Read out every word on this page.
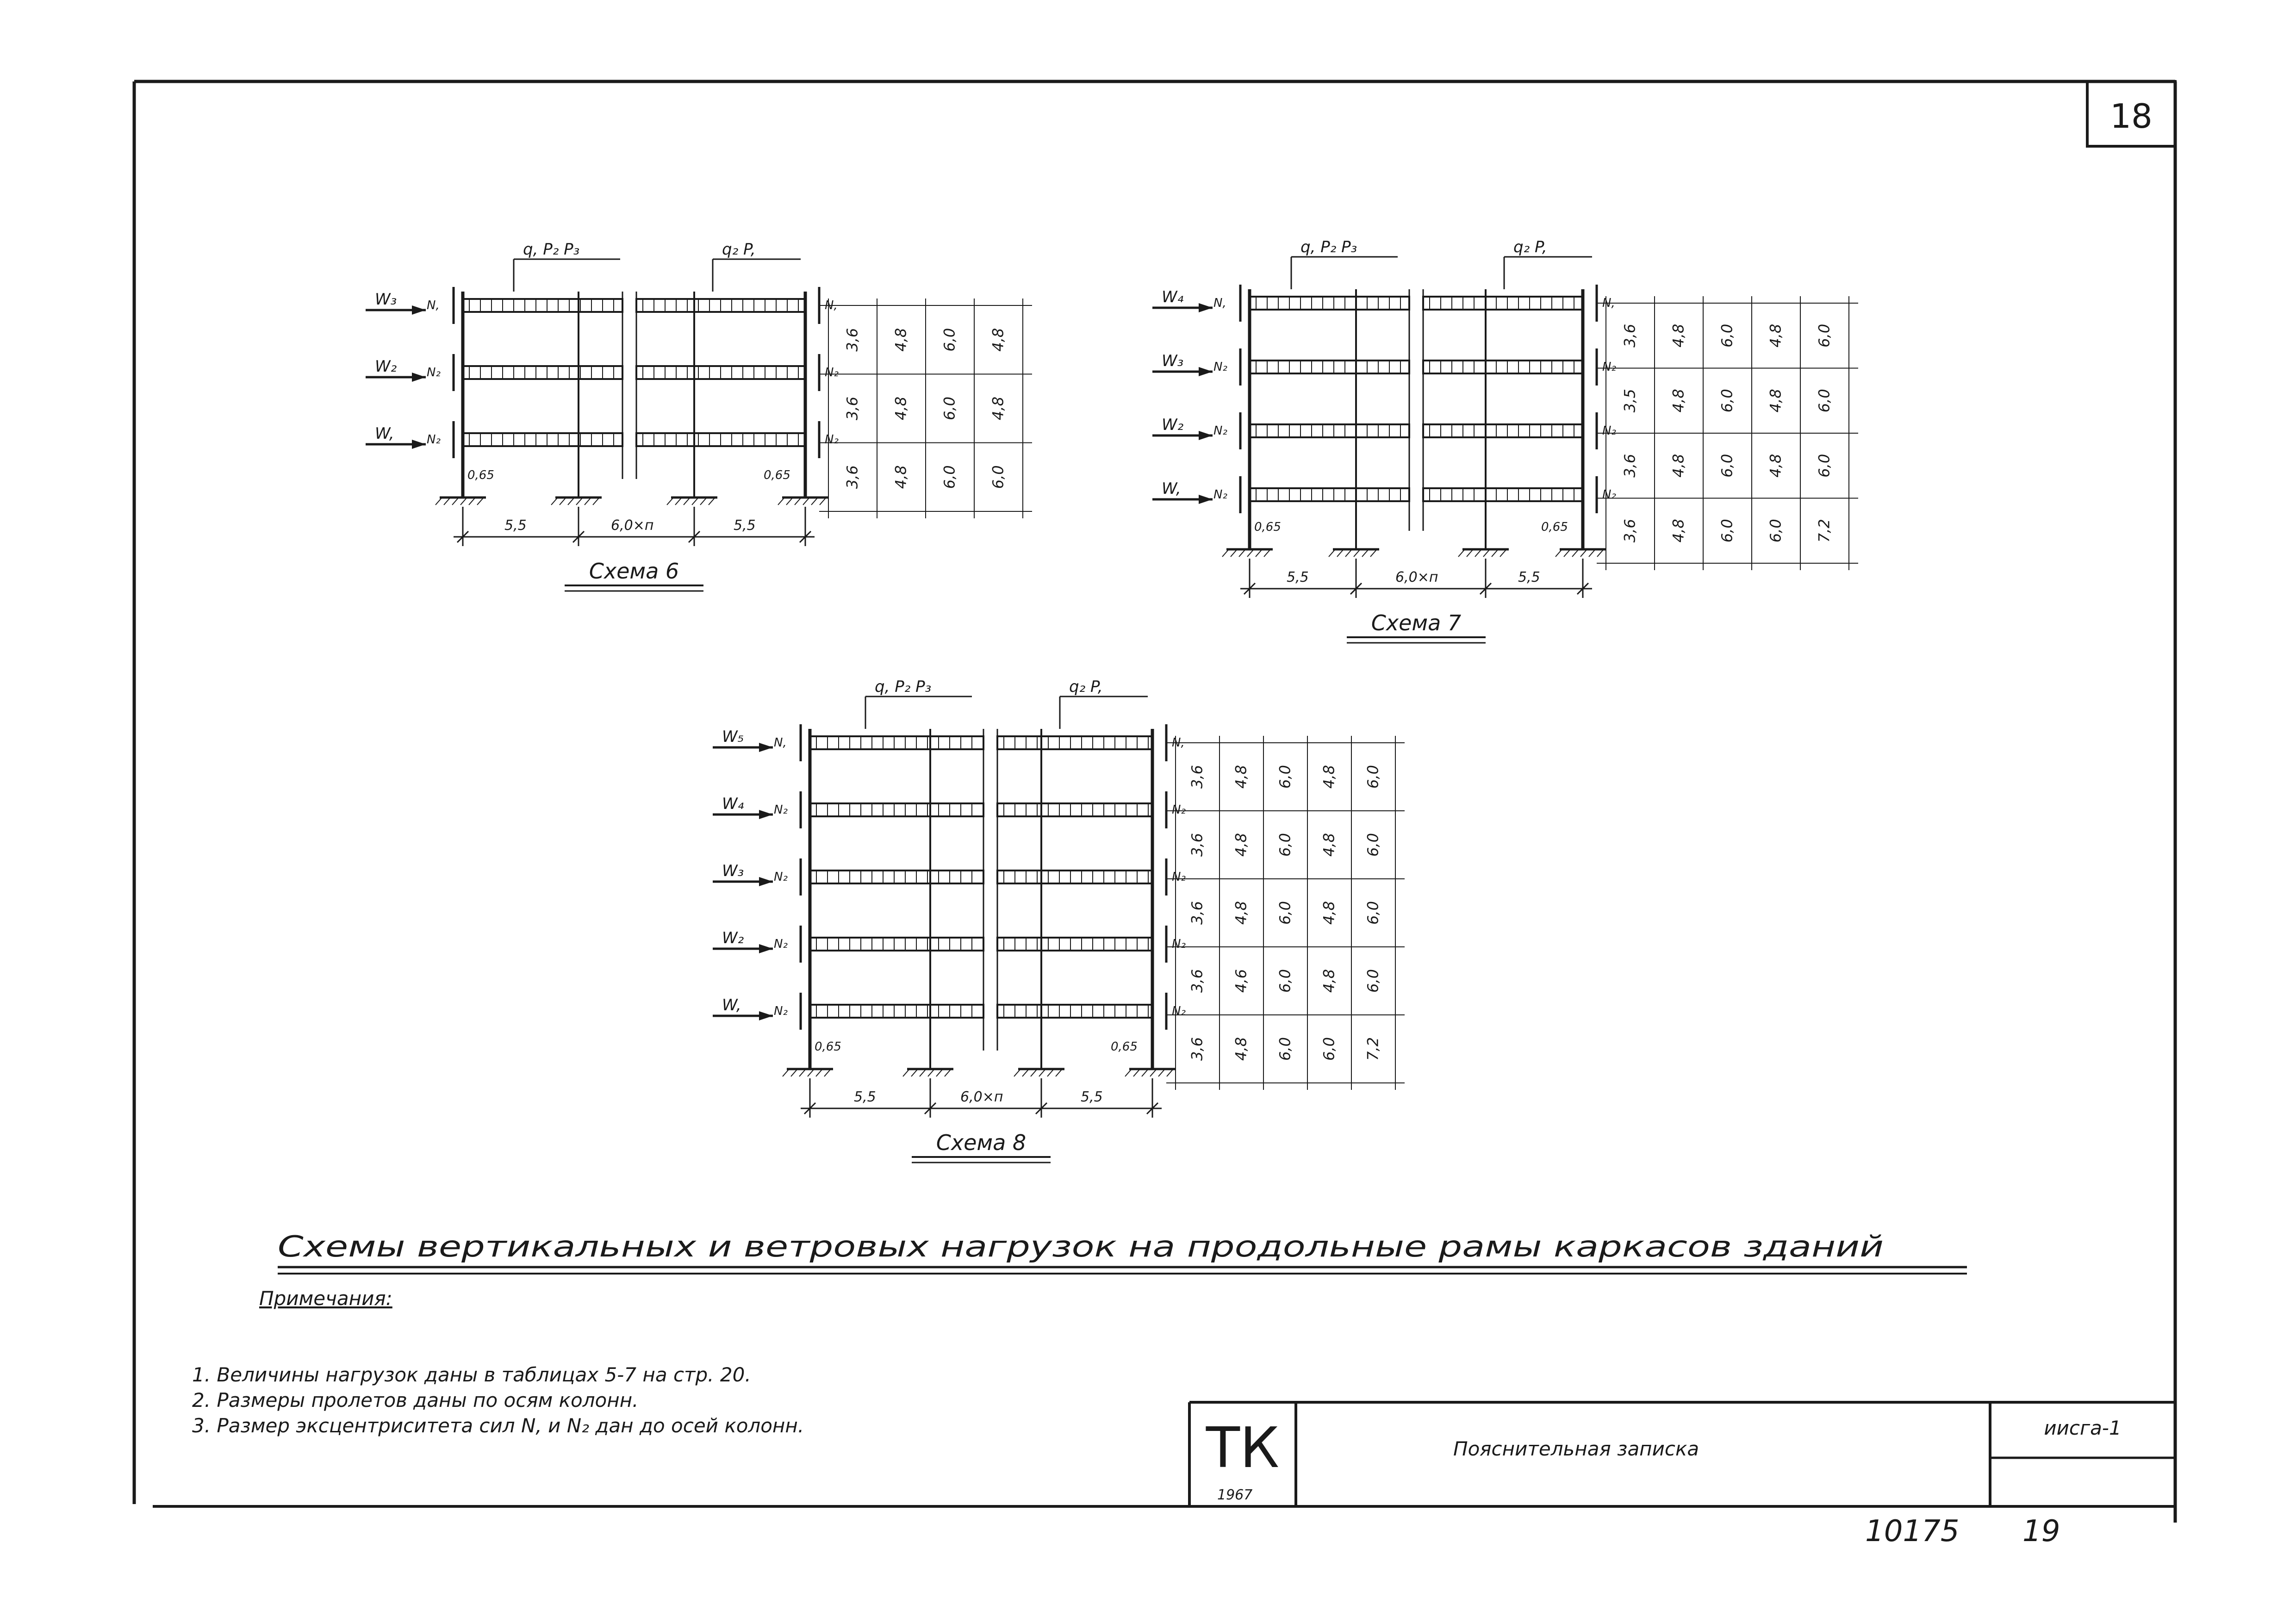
18
W₃ N,	N,
W₂ N₂	N₂
W,	N₂	N₂
q, P₂ P₃	q₂ P,
0,65	0,65
5,5	6,0×п	5,5
Схема 6
3,6 4,8 6,0 4,8
3,6 4,8 6,0 4,8
3,6 4,8 6,0 6,0
W₄ N,	N,
W₃ N₂	N₂
W₂ N₂	N₂
W,	N₂	N₂
q, P₂ P₃	q₂ P,
0,65	0,65
5,5	6,0×п	5,5
Схема 7
3,6 4,8 6,0 4,8 6,0
3,5 4,8 6,0 4,8 6,0
3,6 4,8 6,0 4,8 6,0
3,6 4,8 6,0 6,0 7,2
W₅ N,	N,
W₄ N₂	N₂
W₃ N₂	N₂
W₂ N₂	N₂
W,	N₂	N₂
q, P₂ P₃	q₂ P,
0,65	0,65
5,5	6,0×п	5,5
Схема 8
3,6 4,8 6,0 4,8 6,0
3,6 4,8 6,0 4,8 6,0
3,6 4,8 6,0 4,8 6,0
3,6 4,6 6,0 4,8 6,0
3,6 4,8 6,0 6,0 7,2
Схемы вертикальных и ветровых нагрузок на продольные рамы каркасов зданий
Примечания:
1. Величины нагрузок даны в таблицах 5-7 на стр. 20.
2. Размеры пролетов даны по осям колонн.
3. Размер эксцентриситета сил N, и N₂ дан до осей колонн.	ТК
1967
Пояснительная записка
иисга-1
10175 19
